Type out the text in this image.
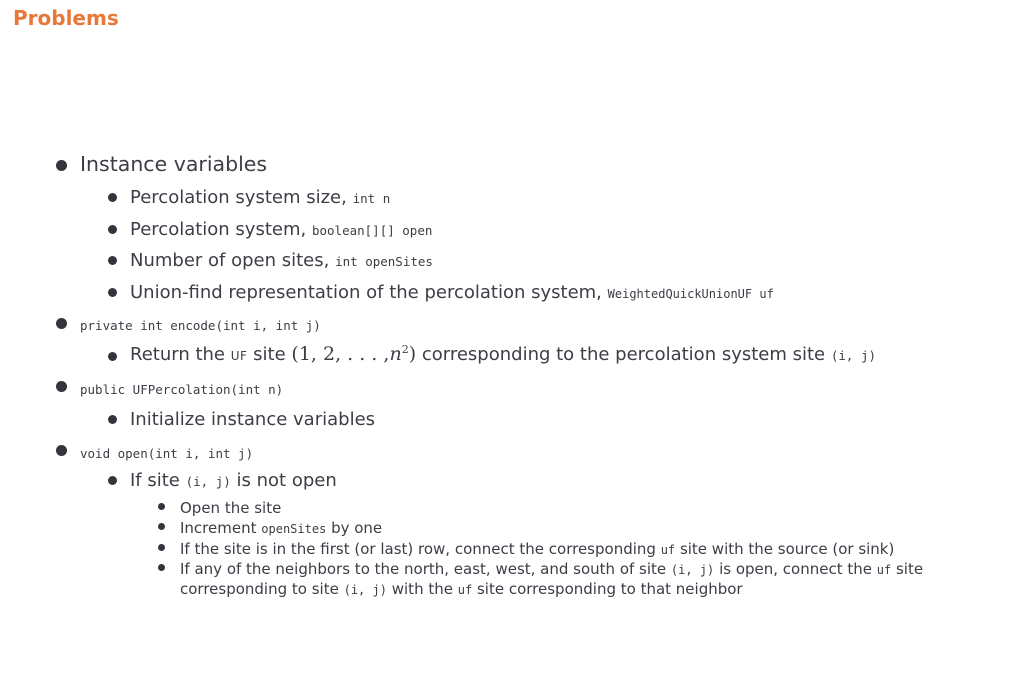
Problems
Instance variables
Percolation system size, int n
Percolation system, boolean[][] open
Number of open sites, int openSites
Union-find representation of the percolation system, WeightedQuickUnionUF uf
private int encode(int i, int j)
Return the UF site (1, 2, . . . $,n^2$) corresponding to the percolation system site (i, j)
public UFPercolation(int n)
Initialize instance variables
void open(int i, int j)
If site (i, j) is not open
Open the site
Increment openSites by one
If the site is in the first (or last) row, connect the corresponding uf site with the source (or sink)
If any of the neighbors to the north, east, west, and south of site (i, j) is open, connect the uf site
corresponding to site (i, j) with the uf site corresponding to that neighbor
